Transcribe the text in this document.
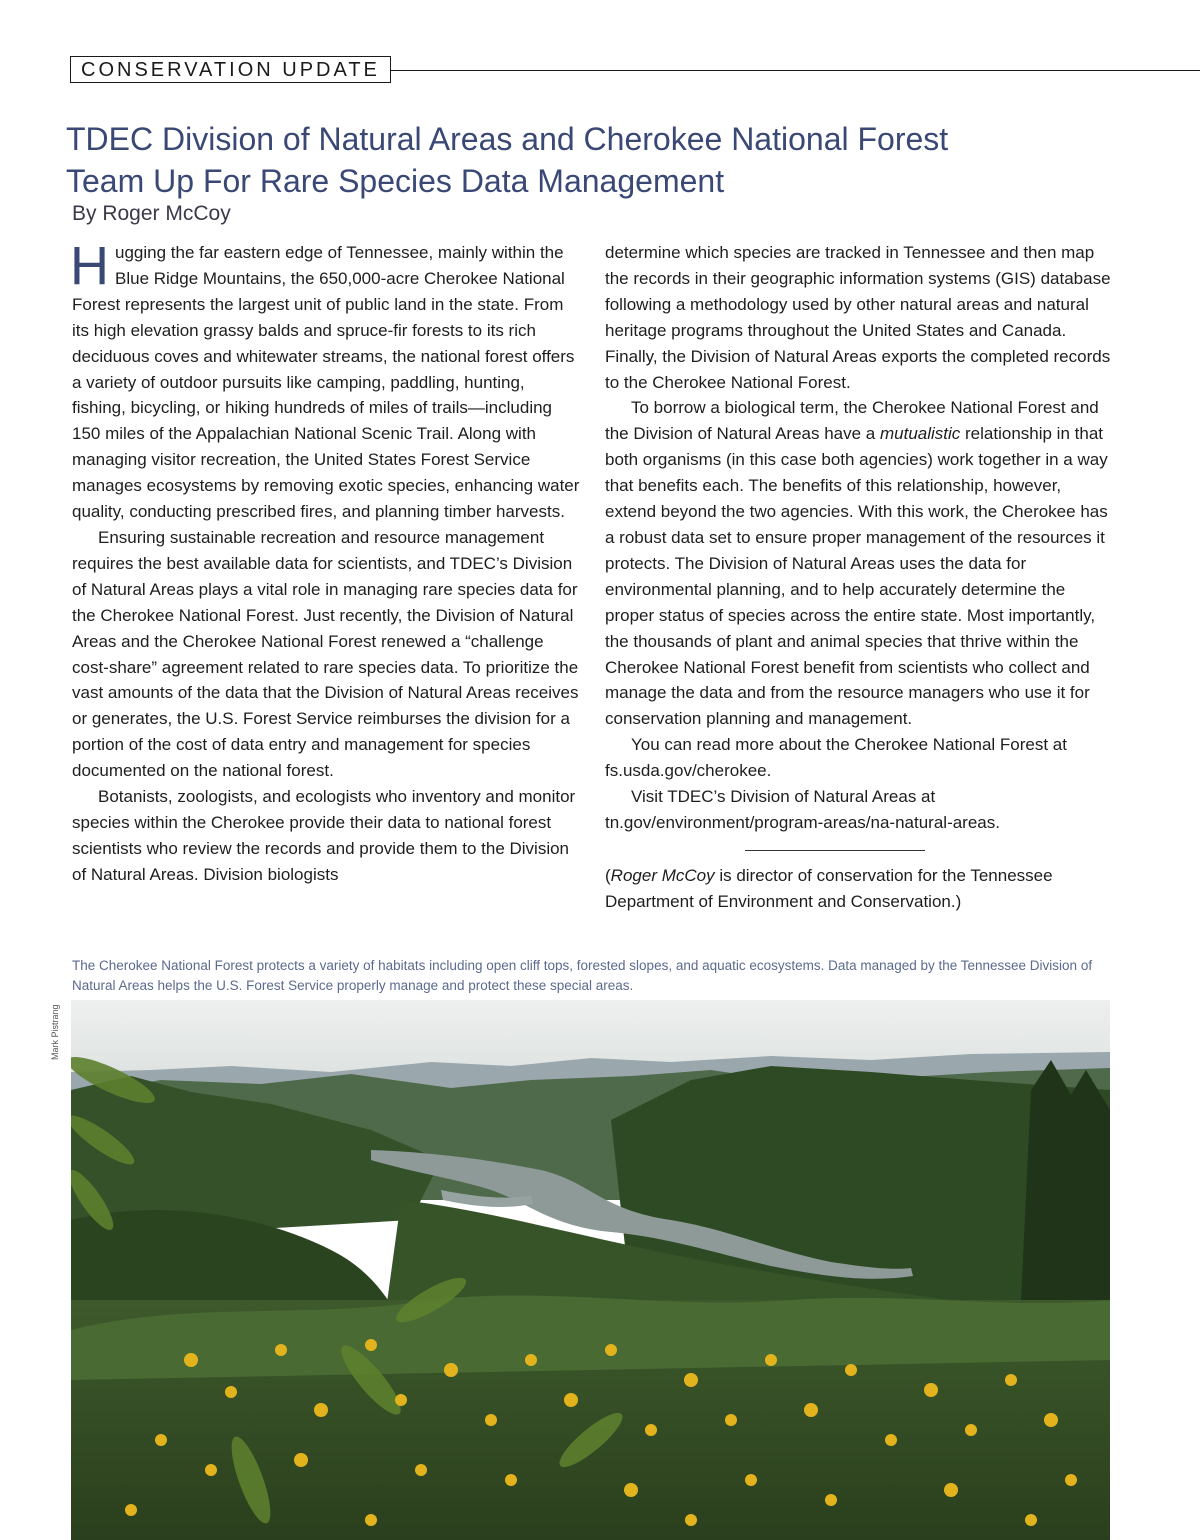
CONSERVATION UPDATE
TDEC Division of Natural Areas and Cherokee National Forest
Team Up For Rare Species Data Management
By Roger McCoy

Hugging the far eastern edge of Tennessee, mainly within the Blue Ridge Mountains, the 650,000-acre Cherokee National Forest represents the largest unit of public land in the state. From its high elevation grassy balds and spruce-fir forests to its rich deciduous coves and whitewater streams, the national forest offers a variety of outdoor pursuits like camping, paddling, hunting, fishing, bicycling, or hiking hundreds of miles of trails—including 150 miles of the Appalachian National Scenic Trail. Along with managing visitor recreation, the United States Forest Service manages ecosystems by removing exotic species, enhancing water quality, conducting prescribed fires, and planning timber harvests.

Ensuring sustainable recreation and resource management requires the best available data for scientists, and TDEC’s Division of Natural Areas plays a vital role in managing rare species data for the Cherokee National Forest. Just recently, the Division of Natural Areas and the Cherokee National Forest renewed a “challenge cost-share” agreement related to rare species data. To prioritize the vast amounts of the data that the Division of Natural Areas receives or generates, the U.S. Forest Service reimburses the division for a portion of the cost of data entry and management for species documented on the national forest.

Botanists, zoologists, and ecologists who inventory and monitor species within the Cherokee provide their data to national forest scientists who review the records and provide them to the Division of Natural Areas. Division biologists

determine which species are tracked in Tennessee and then map the records in their geographic information systems (GIS) database following a methodology used by other natural areas and natural heritage programs throughout the United States and Canada. Finally, the Division of Natural Areas exports the completed records to the Cherokee National Forest.

To borrow a biological term, the Cherokee National Forest and the Division of Natural Areas have a mutualistic relationship in that both organisms (in this case both agencies) work together in a way that benefits each. The benefits of this relationship, however, extend beyond the two agencies. With this work, the Cherokee has a robust data set to ensure proper management of the resources it protects. The Division of Natural Areas uses the data for environmental planning, and to help accurately determine the proper status of species across the entire state. Most importantly, the thousands of plant and animal species that thrive within the Cherokee National Forest benefit from scientists who collect and manage the data and from the resource managers who use it for conservation planning and management.

You can read more about the Cherokee National Forest at fs.usda.gov/cherokee.

Visit TDEC’s Division of Natural Areas at tn.gov/environment/program-areas/na-natural-areas.

(Roger McCoy is director of conservation for the Tennessee Department of Environment and Conservation.)

The Cherokee National Forest protects a variety of habitats including open cliff tops, forested slopes, and aquatic ecosystems. Data managed by the Tennessee Division of Natural Areas helps the U.S. Forest Service properly manage and protect these special areas.
Mark Pistrang
